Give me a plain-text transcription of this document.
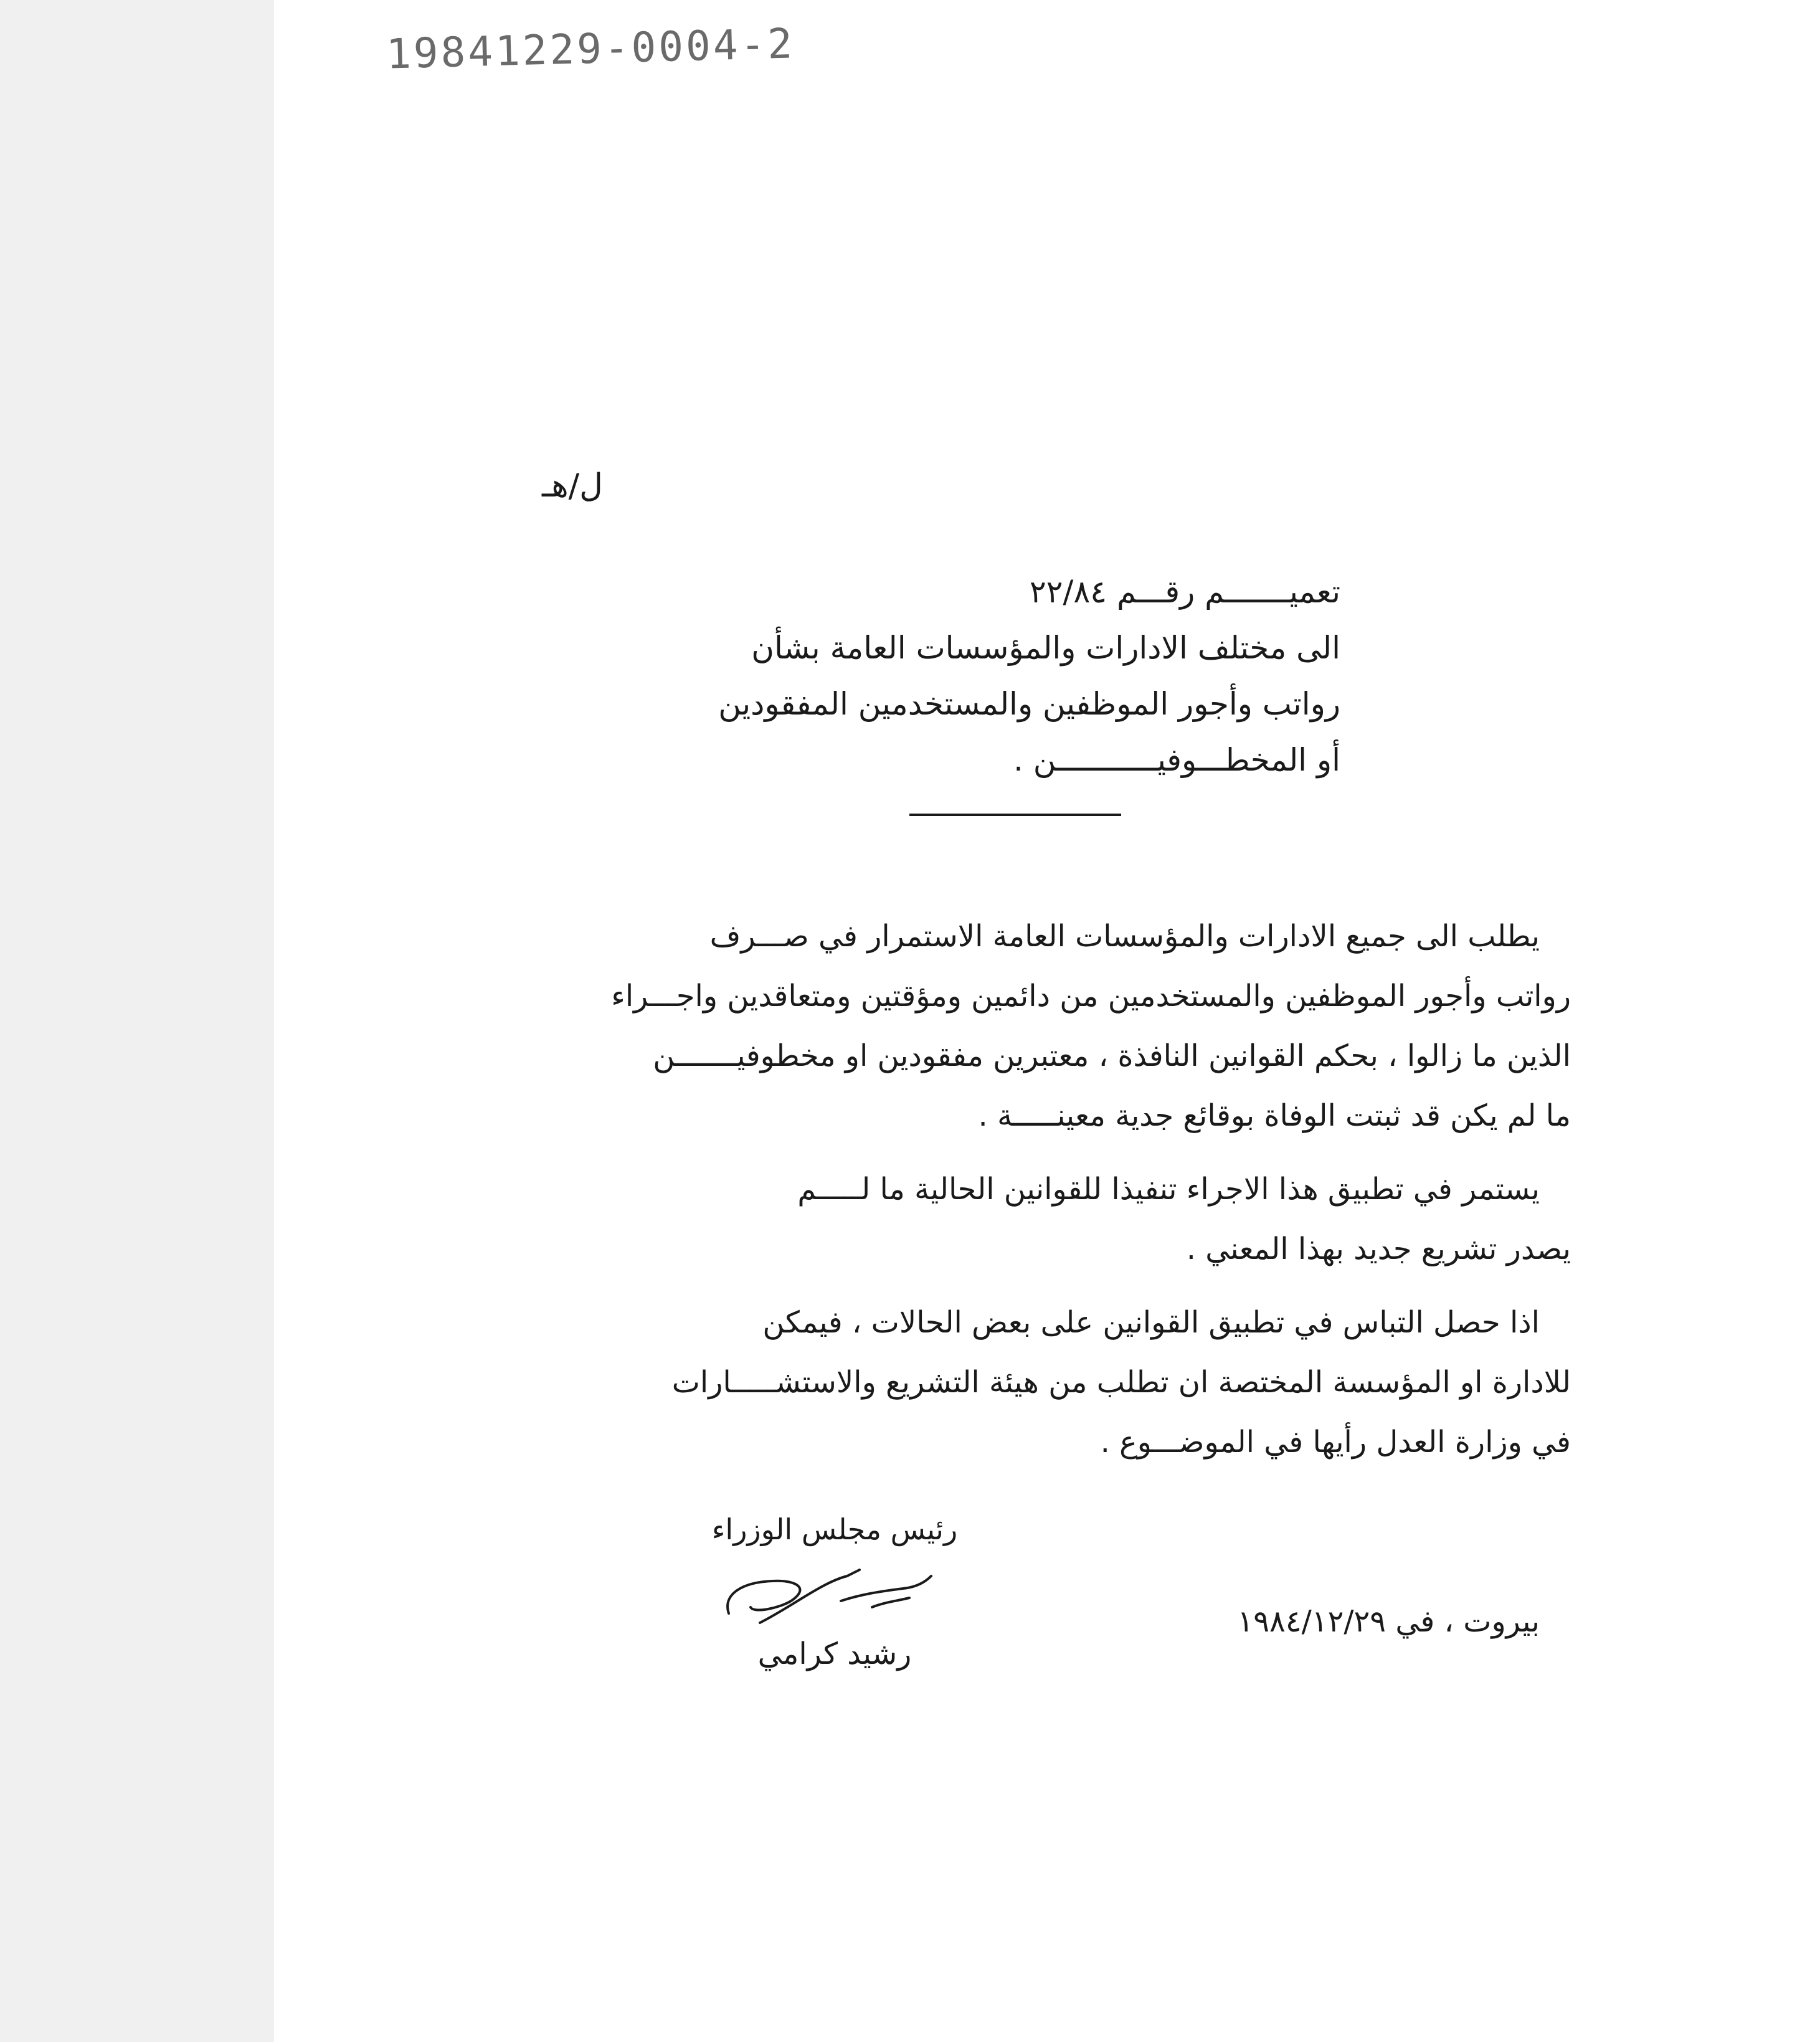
19841229-0004-2
ل/هـ
تعميـــــــم رقـــم ٢٢/٨٤
الى مختلف الادارات والمؤسسات العامة بشأن
رواتب وأجور الموظفين والمستخدمين المفقودين
أو المخطـــوفيـــــــــــن .
يطلب الى جميع الادارات والمؤسسات العامة الاستمرار في صـــرف
رواتب وأجور الموظفين والمستخدمين من دائمين ومؤقتين ومتعاقدين واجـــراء
الذين ما زالوا ، بحكم القوانين النافذة ، معتبرين مفقودين او مخطوفيـــــــن
ما لم يكن قد ثبتت الوفاة بوقائع جدية معينـــــة .
يستمر في تطبيق هذا الاجراء تنفيذا للقوانين الحالية ما لـــــم
يصدر تشريع جديد بهذا المعني .
اذا حصل التباس في تطبيق القوانين على بعض الحالات ، فيمكن
للادارة او المؤسسة المختصة ان تطلب من هيئة التشريع والاستشـــــارات
في وزارة العدل رأيها في الموضـــوع .
رئيس مجلس الوزراء
رشيد كرامي
بيروت ، في ١٩٨٤/١٢/٢٩
